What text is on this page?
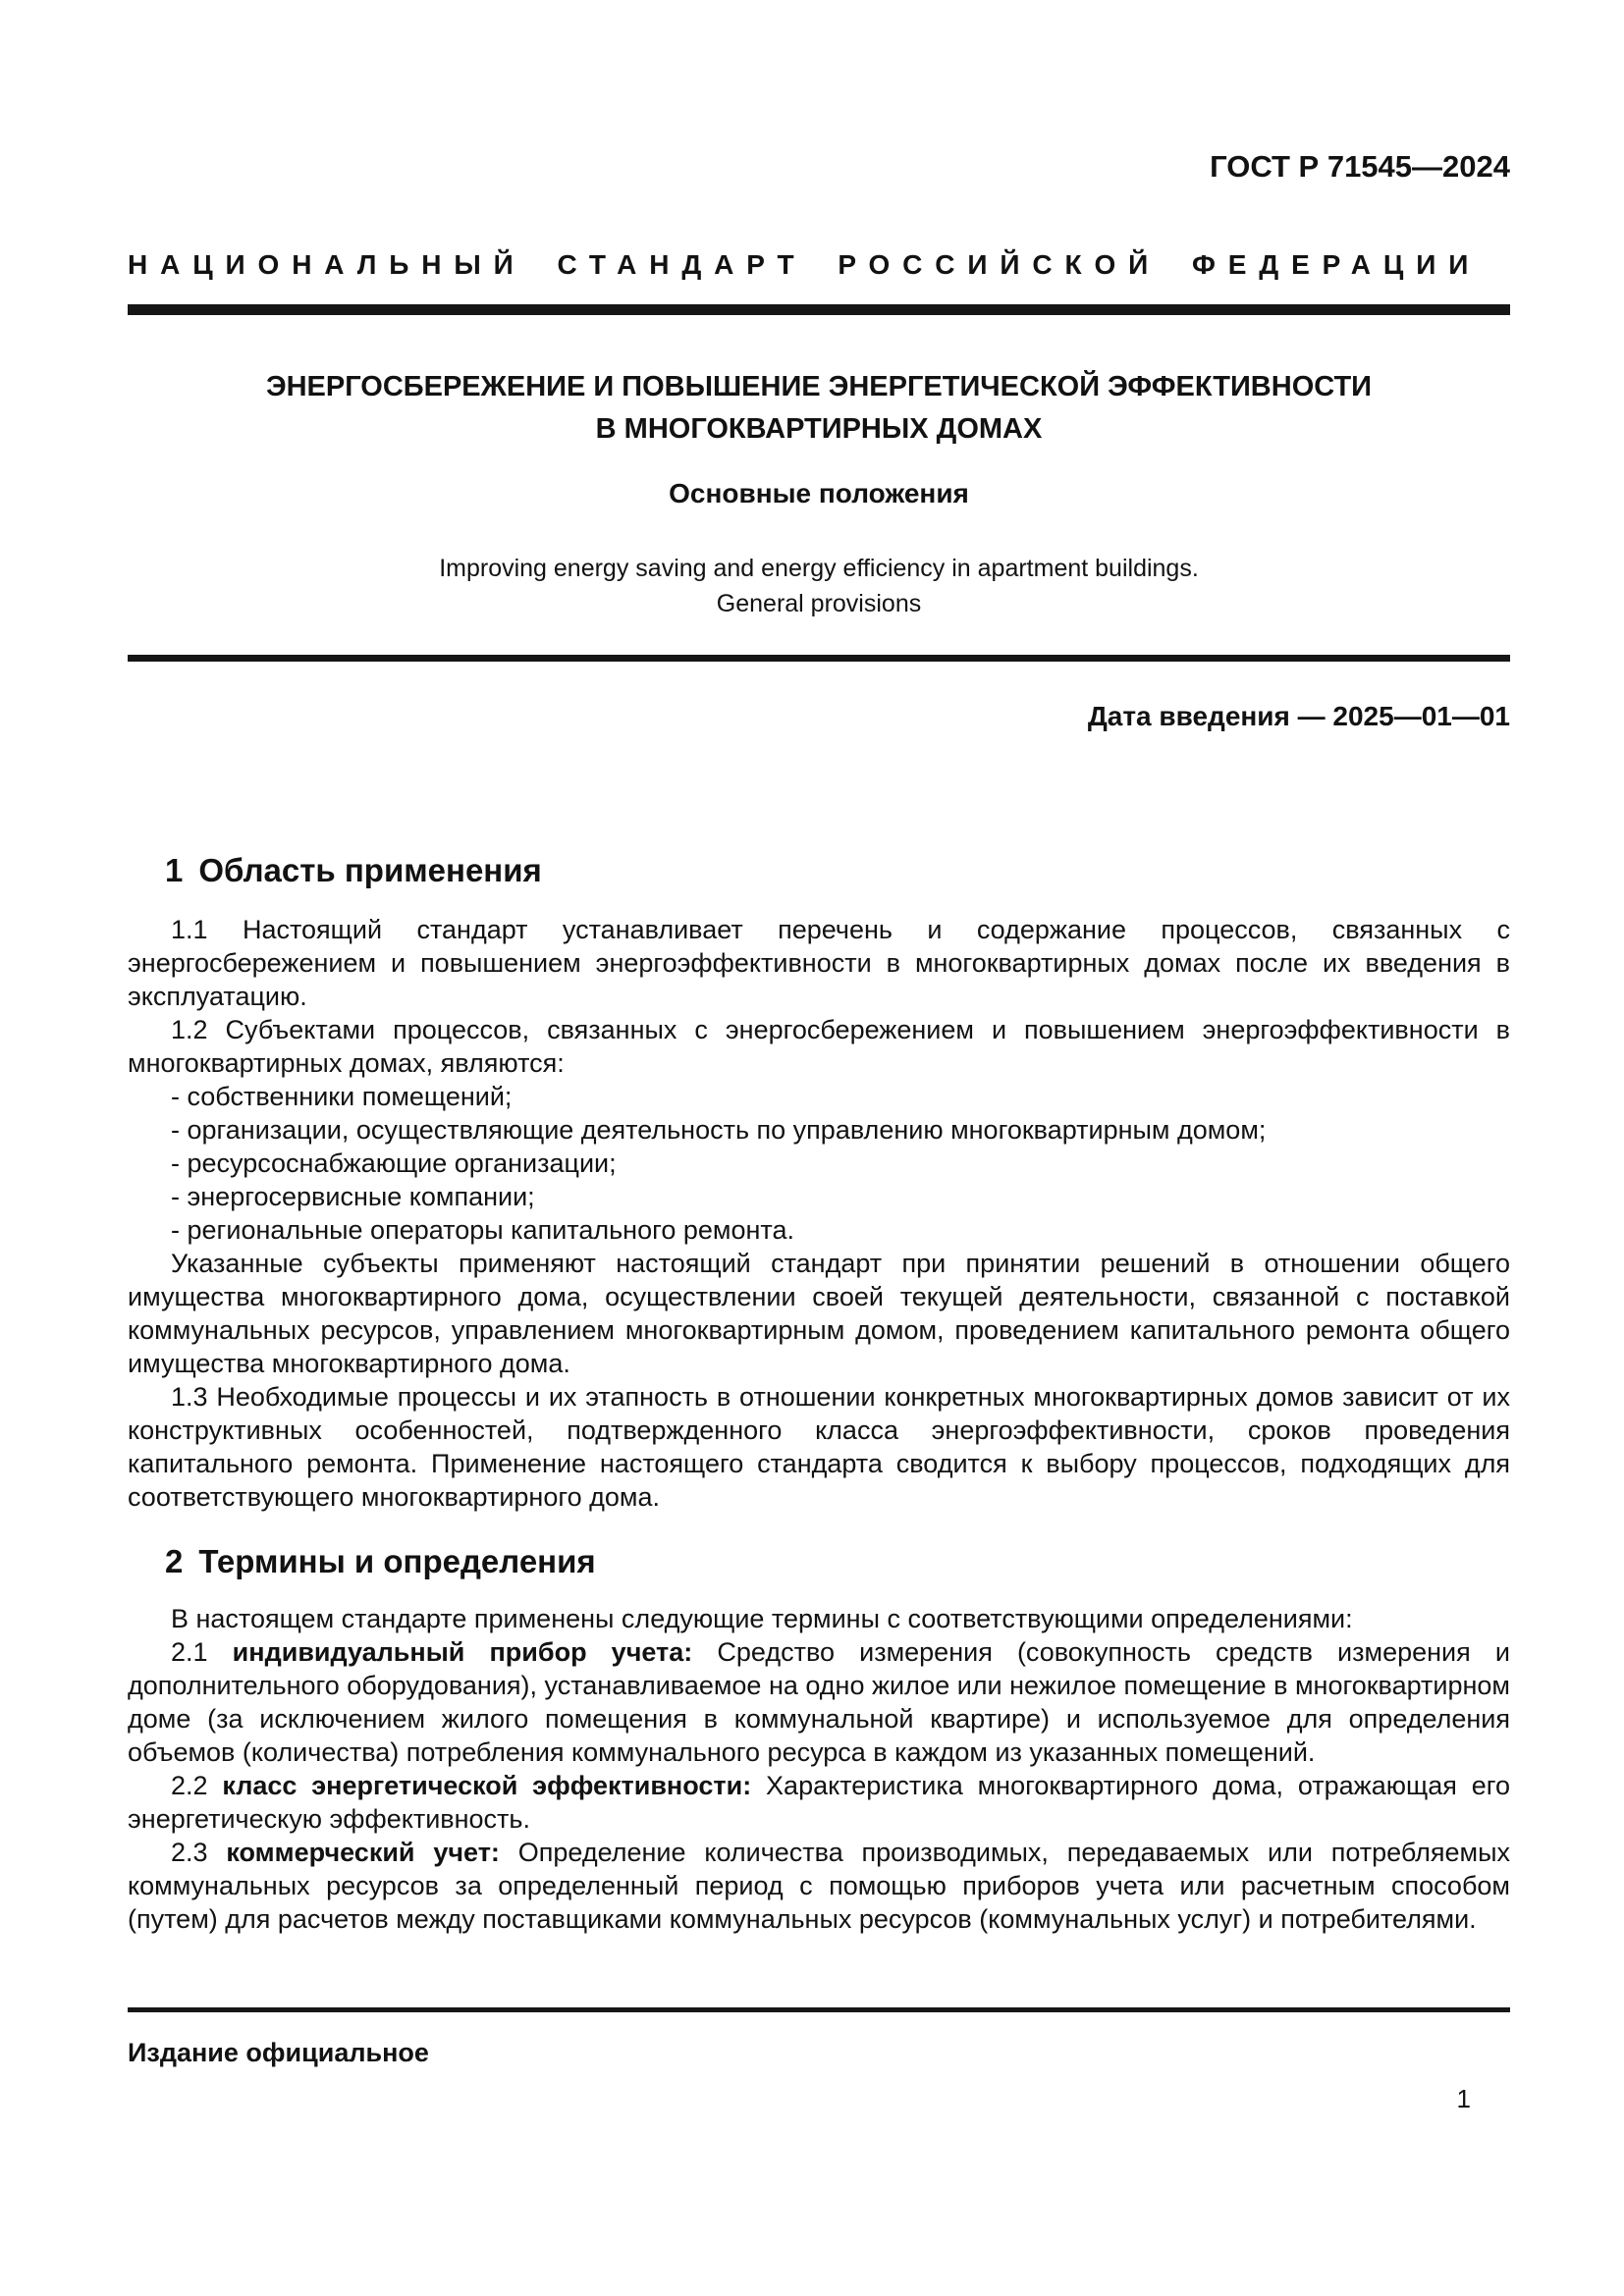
ГОСТ Р 71545—2024
НАЦИОНАЛЬНЫЙ СТАНДАРТ РОССИЙСКОЙ ФЕДЕРАЦИИ
ЭНЕРГОСБЕРЕЖЕНИЕ И ПОВЫШЕНИЕ ЭНЕРГЕТИЧЕСКОЙ ЭФФЕКТИВНОСТИ
В МНОГОКВАРТИРНЫХ ДОМАХ
Основные положения
Improving energy saving and energy efficiency in apartment buildings.
General provisions
Дата введения — 2025—01—01
1 Область применения

1.1 Настоящий стандарт устанавливает перечень и содержание процессов, связанных с энергосбережением и повышением энергоэффективности в многоквартирных домах после их введения в эксплуатацию.

1.2 Субъектами процессов, связанных с энергосбережением и повышением энергоэффективности в многоквартирных домах, являются:

- собственники помещений;

- организации, осуществляющие деятельность по управлению многоквартирным домом;

- ресурсоснабжающие организации;

- энергосервисные компании;

- региональные операторы капитального ремонта.

Указанные субъекты применяют настоящий стандарт при принятии решений в отношении общего имущества многоквартирного дома, осуществлении своей текущей деятельности, связанной с поставкой коммунальных ресурсов, управлением многоквартирным домом, проведением капитального ремонта общего имущества многоквартирного дома.

1.3 Необходимые процессы и их этапность в отношении конкретных многоквартирных домов зависит от их конструктивных особенностей, подтвержденного класса энергоэффективности, сроков проведения капитального ремонта. Применение настоящего стандарта сводится к выбору процессов, подходящих для соответствующего многоквартирного дома.

2 Термины и определения

В настоящем стандарте применены следующие термины с соответствующими определениями:

2.1 индивидуальный прибор учета: Средство измерения (совокупность средств измерения и дополнительного оборудования), устанавливаемое на одно жилое или нежилое помещение в многоквартирном доме (за исключением жилого помещения в коммунальной квартире) и используемое для определения объемов (количества) потребления коммунального ресурса в каждом из указанных помещений.

2.2 класс энергетической эффективности: Характеристика многоквартирного дома, отражающая его энергетическую эффективность.

2.3 коммерческий учет: Определение количества производимых, передаваемых или потребляемых коммунальных ресурсов за определенный период с помощью приборов учета или расчетным способом (путем) для расчетов между поставщиками коммунальных ресурсов (коммунальных услуг) и потребителями.

Издание официальное
1
